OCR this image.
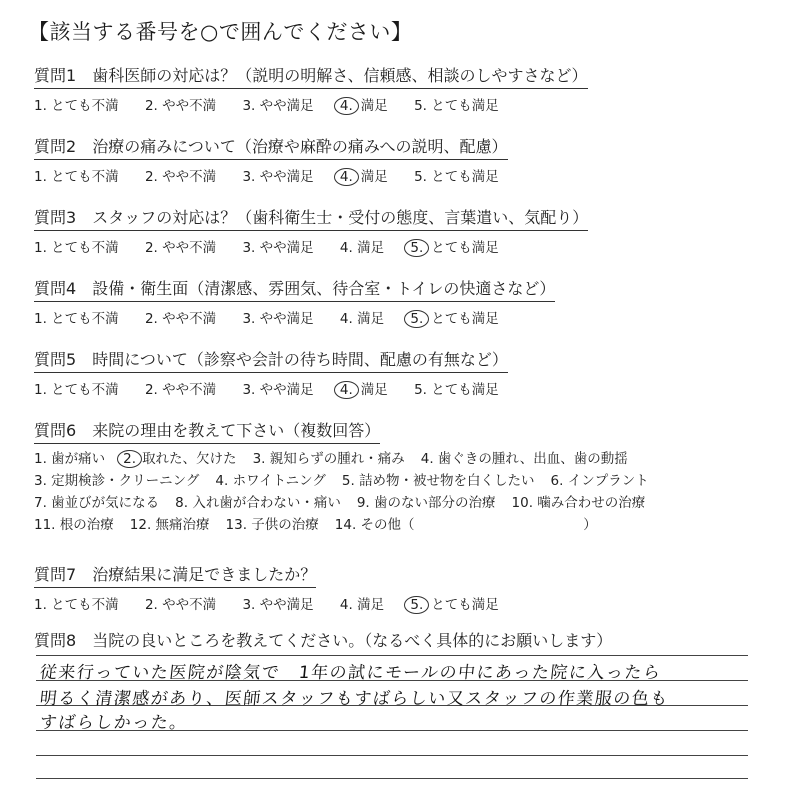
【該当する番号を○で囲んでください】
質問1 歯科医師の対応は？（説明の明解さ、信頼感、相談のしやすさなど）
1. とても不満 2. やや不満 3. やや満足 4. 満足 5. とても満足
質問2 治療の痛みについて（治療や麻酔の痛みへの説明、配慮）
1. とても不満 2. やや不満 3. やや満足 4. 満足 5. とても満足
質問3 スタッフの対応は？（歯科衛生士・受付の態度、言葉遣い、気配り）
1. とても不満 2. やや不満 3. やや満足 4. 満足 5. とても満足
質問4 設備・衛生面（清潔感、雰囲気、待合室・トイレの快適さなど）
1. とても不満 2. やや不満 3. やや満足 4. 満足 5. とても満足
質問5 時間について（診察や会計の待ち時間、配慮の有無など）
1. とても不満 2. やや不満 3. やや満足 4. 満足 5. とても満足
質問6 来院の理由を教えて下さい（複数回答）
1. 歯が痛い 2. 取れた、欠けた 3. 親知らずの腫れ・痛み 4. 歯ぐきの腫れ、出血、歯の動揺
3. 定期検診・クリーニング 4. ホワイトニング 5. 詰め物・被せ物を白くしたい 6. インプラント
7. 歯並びが気になる 8. 入れ歯が合わない・痛い 9. 歯のない部分の治療 10. 噛み合わせの治療
11. 根の治療 12. 無痛治療 13. 子供の治療 14. その他（	）
質問7 治療結果に満足できましたか？
1. とても不満 2. やや不満 3. やや満足 4. 満足 5. とても満足
質問8 当院の良いところを教えてください。（なるべく具体的にお願いします）
従来行っていた医院が陰気で　1年の試にモールの中にあった院に入ったら
明るく清潔感があり、医師スタッフもすばらしい又スタッフの作業服の色も
すばらしかった。
